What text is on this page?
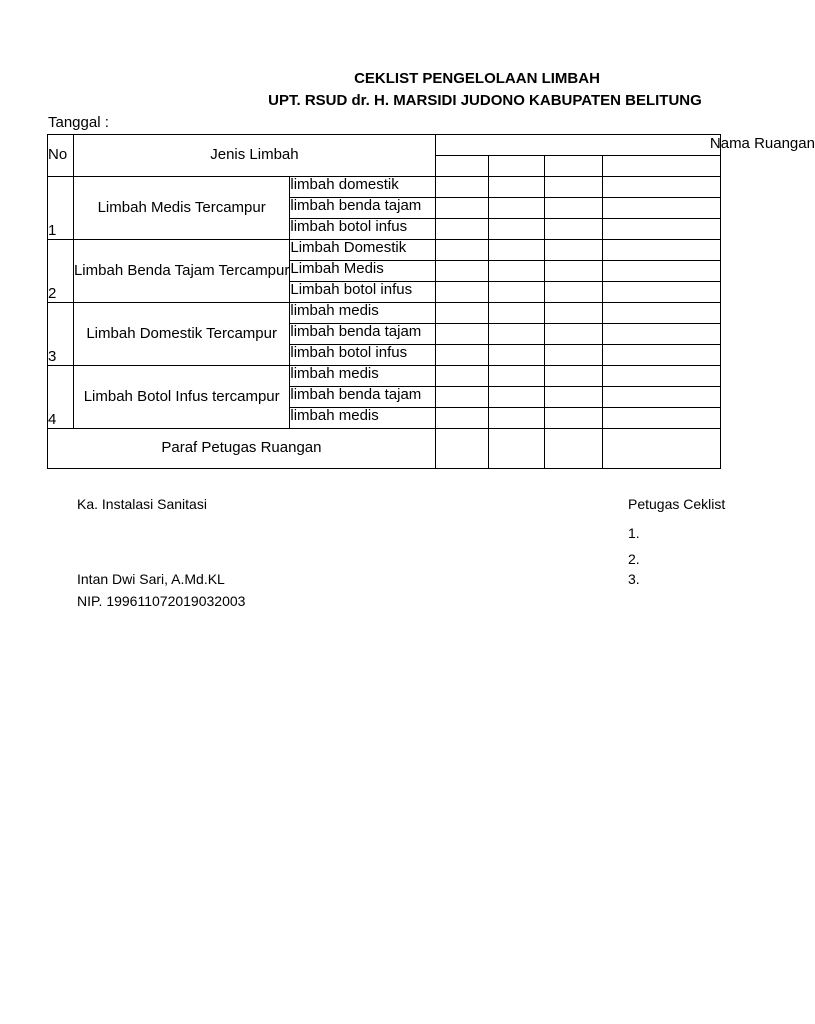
CEKLIST PENGELOLAAN LIMBAH
UPT. RSUD dr. H. MARSIDI JUDONO KABUPATEN BELITUNG
Tanggal :
No	Jenis Limbah		Nama Ruangan			

1	Limbah Medis Tercampur	limbah domestik				
		limbah benda tajam				
		limbah botol infus				
2	Limbah Benda Tajam Tercampur	Limbah Domestik				
		Limbah Medis				
		Limbah botol infus				
3	Limbah Domestik Tercampur	limbah medis				
		limbah benda tajam				
		limbah botol infus				
4	Limbah Botol Infus tercampur	limbah medis				
		limbah benda tajam				
		limbah medis				
Paraf Petugas Ruangan						
Ka. Instalasi Sanitasi	Petugas Ceklist
1.
2.
3.
Intan Dwi Sari, A.Md.KL
NIP. 199611072019032003
